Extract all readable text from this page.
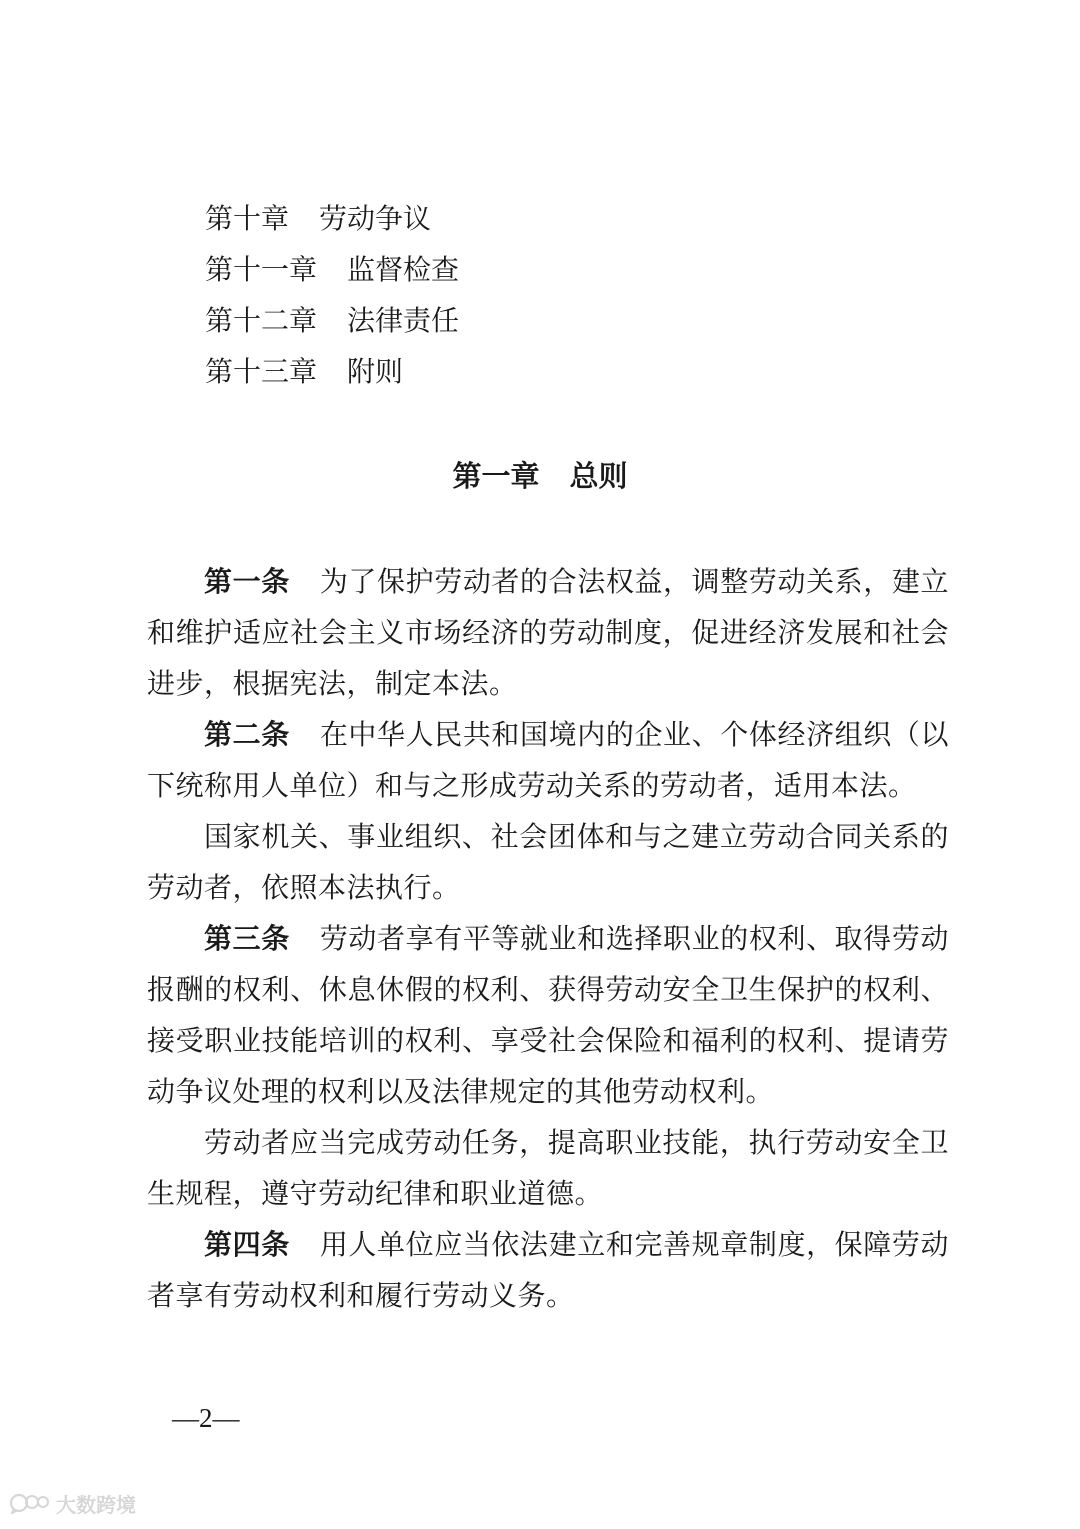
第十章 劳动争议
第十一章 监督检查
第十二章 法律责任
第十三章 附则
第一章 总则

第一条 为了保护劳动者的合法权益，调整劳动关系，建立和维护适应社会主义市场经济的劳动制度，促进经济发展和社会进步，根据宪法，制定本法。

第二条 在中华人民共和国境内的企业、个体经济组织（以下统称用人单位）和与之形成劳动关系的劳动者，适用本法。

国家机关、事业组织、社会团体和与之建立劳动合同关系的劳动者，依照本法执行。

第三条 劳动者享有平等就业和选择职业的权利、取得劳动报酬的权利、休息休假的权利、获得劳动安全卫生保护的权利、接受职业技能培训的权利、享受社会保险和福利的权利、提请劳动争议处理的权利以及法律规定的其他劳动权利。

劳动者应当完成劳动任务，提高职业技能，执行劳动安全卫生规程，遵守劳动纪律和职业道德。

第四条 用人单位应当依法建立和完善规章制度，保障劳动者享有劳动权利和履行劳动义务。

—2—
大数跨境
